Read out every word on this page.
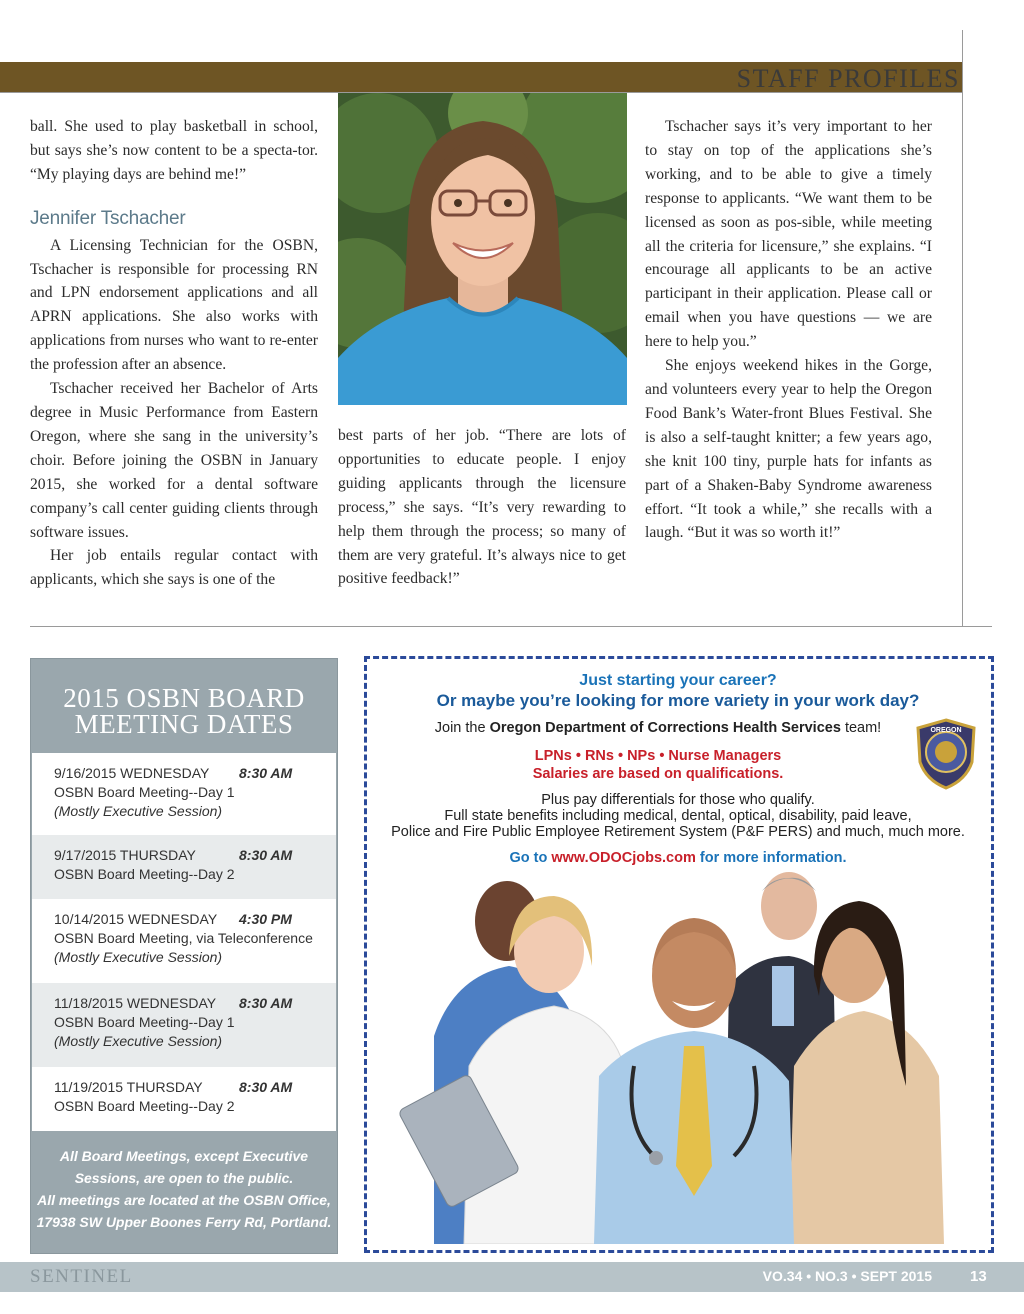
STAFF PROFILES

ball. She used to play basketball in school, but says she’s now content to be a specta-tor. “My playing days are behind me!”

Jennifer Tschacher

A Licensing Technician for the OSBN, Tschacher is responsible for processing RN and LPN endorsement applications and all APRN applications. She also works with applications from nurses who want to re-enter the profession after an absence.

Tschacher received her Bachelor of Arts degree in Music Performance from Eastern Oregon, where she sang in the university’s choir. Before joining the OSBN in January 2015, she worked for a dental software company’s call center guiding clients through software issues.

Her job entails regular contact with applicants, which she says is one of the

best parts of her job. “There are lots of opportunities to educate people. I enjoy guiding applicants through the licensure process,” she says. “It’s very rewarding to help them through the process; so many of them are very grateful. It’s always nice to get positive feedback!”

Tschacher says it’s very important to her to stay on top of the applications she’s working, and to be able to give a timely response to applicants. “We want them to be licensed as soon as pos-sible, while meeting all the criteria for licensure,” she explains. “I encourage all applicants to be an active participant in their application. Please call or email when you have questions — we are here to help you.”

She enjoys weekend hikes in the Gorge, and volunteers every year to help the Oregon Food Bank’s Water-front Blues Festival. She is also a self-taught knitter; a few years ago, she knit 100 tiny, purple hats for infants as part of a Shaken-Baby Syndrome awareness effort. “It took a while,” she recalls with a laugh. “But it was so worth it!”

2015 OSBN BOARD
MEETING DATES
9/16/2015 WEDNESDAY
OSBN Board Meeting--Day 1
(Mostly Executive Session)
8:30 AM
9/17/2015 THURSDAY
OSBN Board Meeting--Day 2
8:30 AM
10/14/2015 WEDNESDAY
OSBN Board Meeting, via Teleconference
(Mostly Executive Session)
4:30 PM
11/18/2015 WEDNESDAY
OSBN Board Meeting--Day 1
(Mostly Executive Session)
8:30 AM
11/19/2015 THURSDAY
OSBN Board Meeting--Day 2
8:30 AM
All Board Meetings, except Executive
Sessions, are open to the public.
All meetings are located at the OSBN Office,
17938 SW Upper Boones Ferry Rd, Portland.
Just starting your career?
Or maybe you’re looking for more variety in your work day?
Join the Oregon Department of Corrections Health Services team!
LPNs • RNs • NPs • Nurse Managers
Salaries are based on qualifications.
Plus pay differentials for those who qualify.
Full state benefits including medical, dental, optical, disability, paid leave,
Police and Fire Public Employee Retirement System (P&F PERS) and much, much more.
Go to www.ODOCjobs.com for more information.
OREGON
SENTINEL	VO.34 • NO.3 • SEPT 2015	13
